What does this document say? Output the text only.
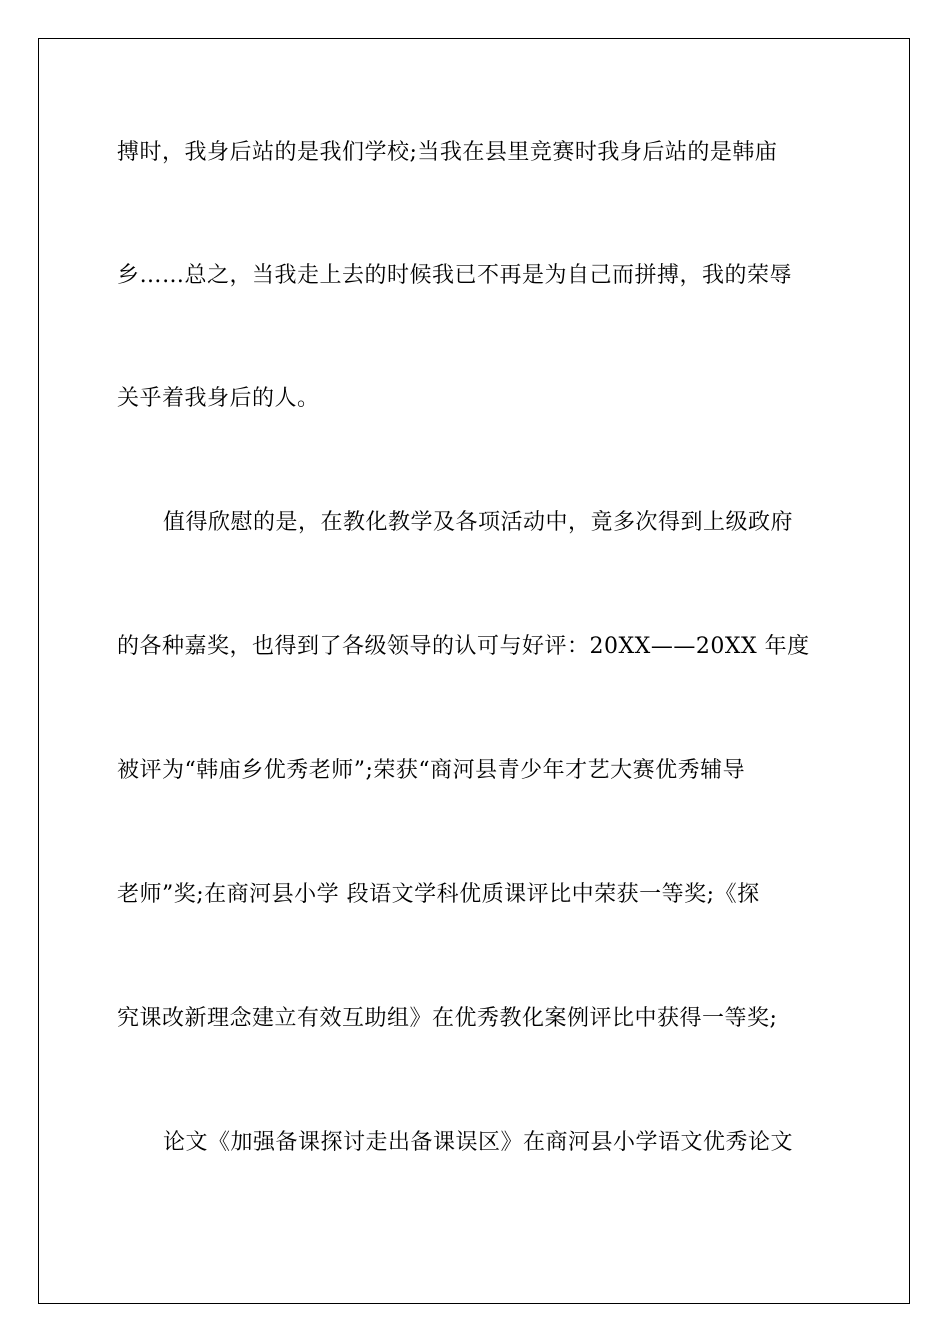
搏时，我身后站的是我们学校;当我在县里竞赛时我身后站的是韩庙
乡……总之，当我走上去的时候我已不再是为自己而拼搏，我的荣辱
关乎着我身后的人。
值得欣慰的是，在教化教学及各项活动中，竟多次得到上级政府
的各种嘉奖，也得到了各级领导的认可与好评：20XX——20XX 年度
被评为“韩庙乡优秀老师”;荣获“商河县青少年才艺大赛优秀辅导
老师”奖;在商河县小学 段语文学科优质课评比中荣获一等奖;《探
究课改新理念建立有效互助组》在优秀教化案例评比中获得一等奖;
论文《加强备课探讨走出备课误区》在商河县小学语文优秀论文
